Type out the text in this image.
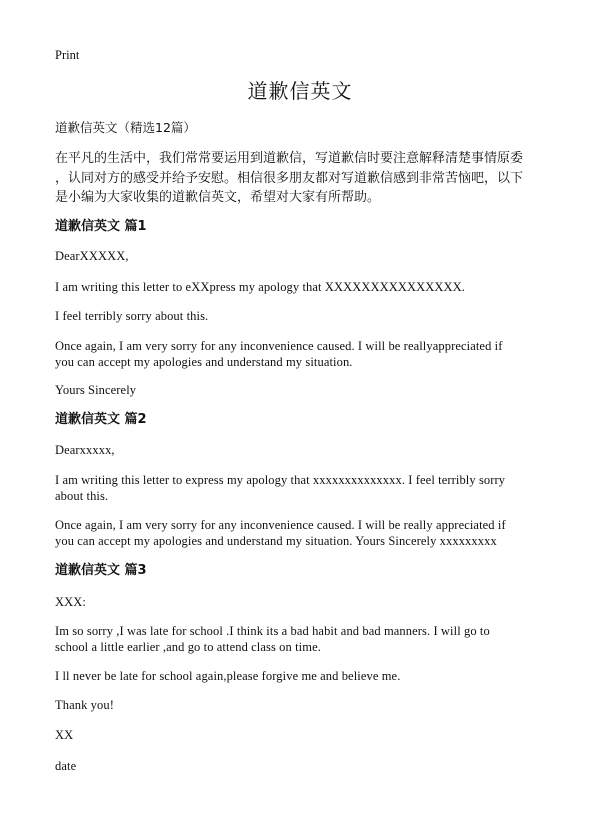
Print
道歉信英文
道歉信英文（精选12篇）
在平凡的生活中，我们常常要运用到道歉信，写道歉信时要注意解释清楚事情原委
，认同对方的感受并给予安慰。相信很多朋友都对写道歉信感到非常苦恼吧，以下
是小编为大家收集的道歉信英文，希望对大家有所帮助。
道歉信英文 篇1
DearXXXXX,
I am writing this letter to eXXpress my apology that XXXXXXXXXXXXXXX.
I feel terribly sorry about this.
Once again, I am very sorry for any inconvenience caused. I will be reallyappreciated if
you can accept my apologies and understand my situation.
Yours Sincerely
道歉信英文 篇2
Dearxxxxx,
I am writing this letter to express my apology that xxxxxxxxxxxxxx. I feel terribly sorry
about this.
Once again, I am very sorry for any inconvenience caused. I will be really appreciated if
you can accept my apologies and understand my situation. Yours Sincerely xxxxxxxxx
道歉信英文 篇3
XXX:
Im so sorry ,I was late for school .I think its a bad habit and bad manners. I will go to
school a little earlier ,and go to attend class on time.
I ll never be late for school again,please forgive me and believe me.
Thank you!
XX
date
